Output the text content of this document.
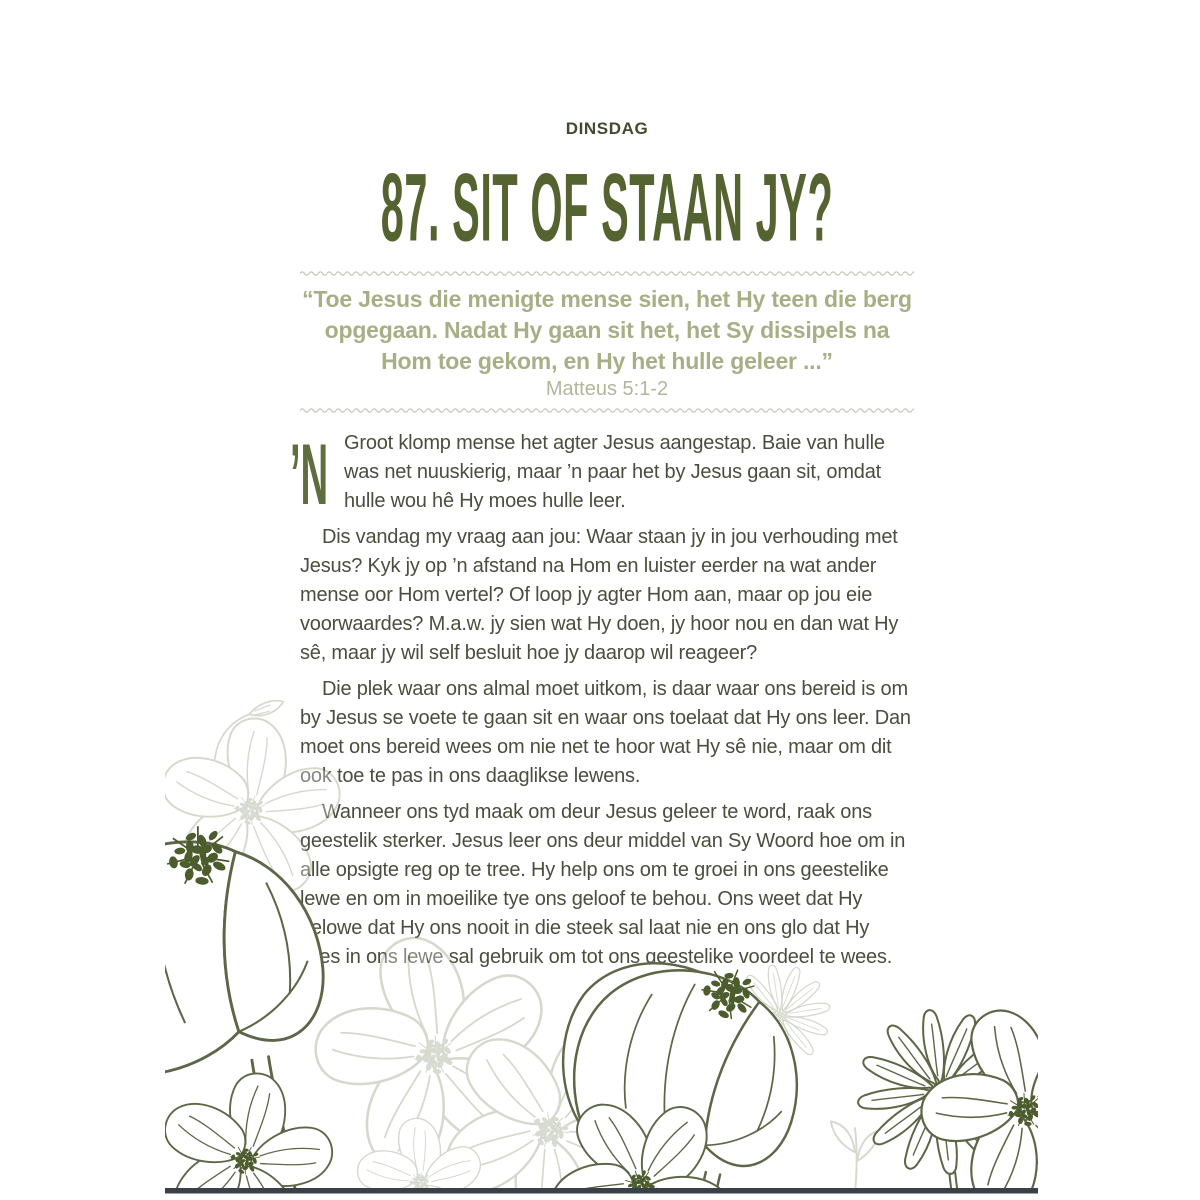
DINSDAG
87. SIT OF STAAN JY?

“Toe Jesus die menigte mense sien, het Hy teen die berg opgegaan. Nadat Hy gaan sit het, het Sy dissipels na Hom toe gekom, en Hy het hulle geleer ...”

Matteus 5:1-2

’N Groot klomp mense het agter Jesus aangestap. Baie van hulle was net nuuskierig, maar ’n paar het by Jesus gaan sit, omdat hulle wou hê Hy moes hulle leer.

Dis vandag my vraag aan jou: Waar staan jy in jou verhouding met Jesus? Kyk jy op ’n afstand na Hom en luister eerder na wat ander mense oor Hom vertel? Of loop jy agter Hom aan, maar op jou eie voorwaardes? M.a.w. jy sien wat Hy doen, jy hoor nou en dan wat Hy sê, maar jy wil self besluit hoe jy daarop wil reageer?

Die plek waar ons almal moet uitkom, is daar waar ons bereid is om by Jesus se voete te gaan sit en waar ons toelaat dat Hy ons leer. Dan moet ons bereid wees om nie net te hoor wat Hy sê nie, maar om dit ook toe te pas in ons daaglikse lewens.

Wanneer ons tyd maak om deur Jesus geleer te word, raak ons geestelik sterker. Jesus leer ons deur middel van Sy Woord hoe om in alle opsigte reg op te tree. Hy help ons om te groei in ons geestelike lewe en om in moeilike tye ons geloof te behou. Ons weet dat Hy belowe dat Hy ons nooit in die steek sal laat nie en ons glo dat Hy alles in ons lewe sal gebruik om tot ons geestelike voordeel te wees.
